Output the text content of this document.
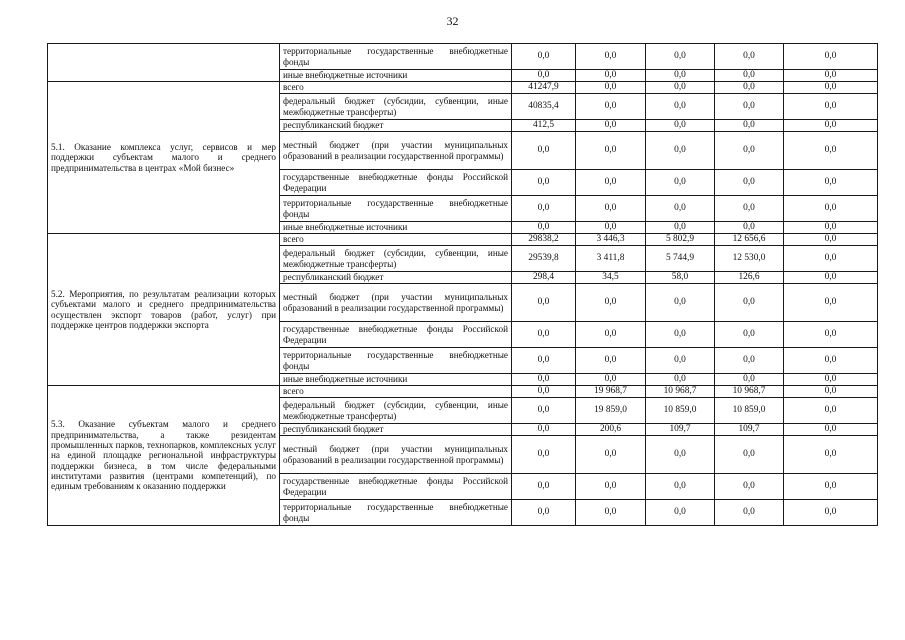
32
	территориальные государственные внебюджетные фонды	0,0	0,0	0,0	0,0	0,0
	иные внебюджетные источники	0,0	0,0	0,0	0,0	0,0
5.1. Оказание комплекса услуг, сервисов и мер поддержки субъектам малого и среднего предпринимательства в центрах «Мой бизнес»	всего	41247,9	0,0	0,0	0,0	0,0
	федеральный бюджет (субсидии, субвенции, иные межбюджетные трансферты)	40835,4	0,0	0,0	0,0	0,0
	республиканский бюджет	412,5	0,0	0,0	0,0	0,0
	местный бюджет (при участии муниципальных образований в реализации государственной программы)	0,0	0,0	0,0	0,0	0,0
	государственные внебюджетные фонды Российской Федерации	0,0	0,0	0,0	0,0	0,0
	территориальные государственные внебюджетные фонды	0,0	0,0	0,0	0,0	0,0
	иные внебюджетные источники	0,0	0,0	0,0	0,0	0,0
5.2. Мероприятия, по результатам реализации которых субъектами малого и среднего предпринимательства осуществлен экспорт товаров (работ, услуг) при поддержке центров поддержки экспорта	всего	29838,2	3 446,3	5 802,9	12 656,6	0,0
	федеральный бюджет (субсидии, субвенции, иные межбюджетные трансферты)	29539,8	3 411,8	5 744,9	12 530,0	0,0
	республиканский бюджет	298,4	34,5	58,0	126,6	0,0
	местный бюджет (при участии муниципальных образований в реализации государственной программы)	0,0	0,0	0,0	0,0	0,0
	государственные внебюджетные фонды Российской Федерации	0,0	0,0	0,0	0,0	0,0
	территориальные государственные внебюджетные фонды	0,0	0,0	0,0	0,0	0,0
	иные внебюджетные источники	0,0	0,0	0,0	0,0	0,0
5.3. Оказание субъектам малого и среднего предпринимательства, а также резидентам промышленных парков, технопарков, комплексных услуг на единой площадке региональной инфраструктуры поддержки бизнеса, в том числе федеральными институтами развития (центрами компетенций), по единым требованиям к оказанию поддержки	всего	0,0	19 968,7	10 968,7	10 968,7	0,0
	федеральный бюджет (субсидии, субвенции, иные межбюджетные трансферты)	0,0	19 859,0	10 859,0	10 859,0	0,0
	республиканский бюджет	0,0	200,6	109,7	109,7	0,0
	местный бюджет (при участии муниципальных образований в реализации государственной программы)	0,0	0,0	0,0	0,0	0,0
	государственные внебюджетные фонды Российской Федерации	0,0	0,0	0,0	0,0	0,0
	территориальные государственные внебюджетные фонды	0,0	0,0	0,0	0,0	0,0
